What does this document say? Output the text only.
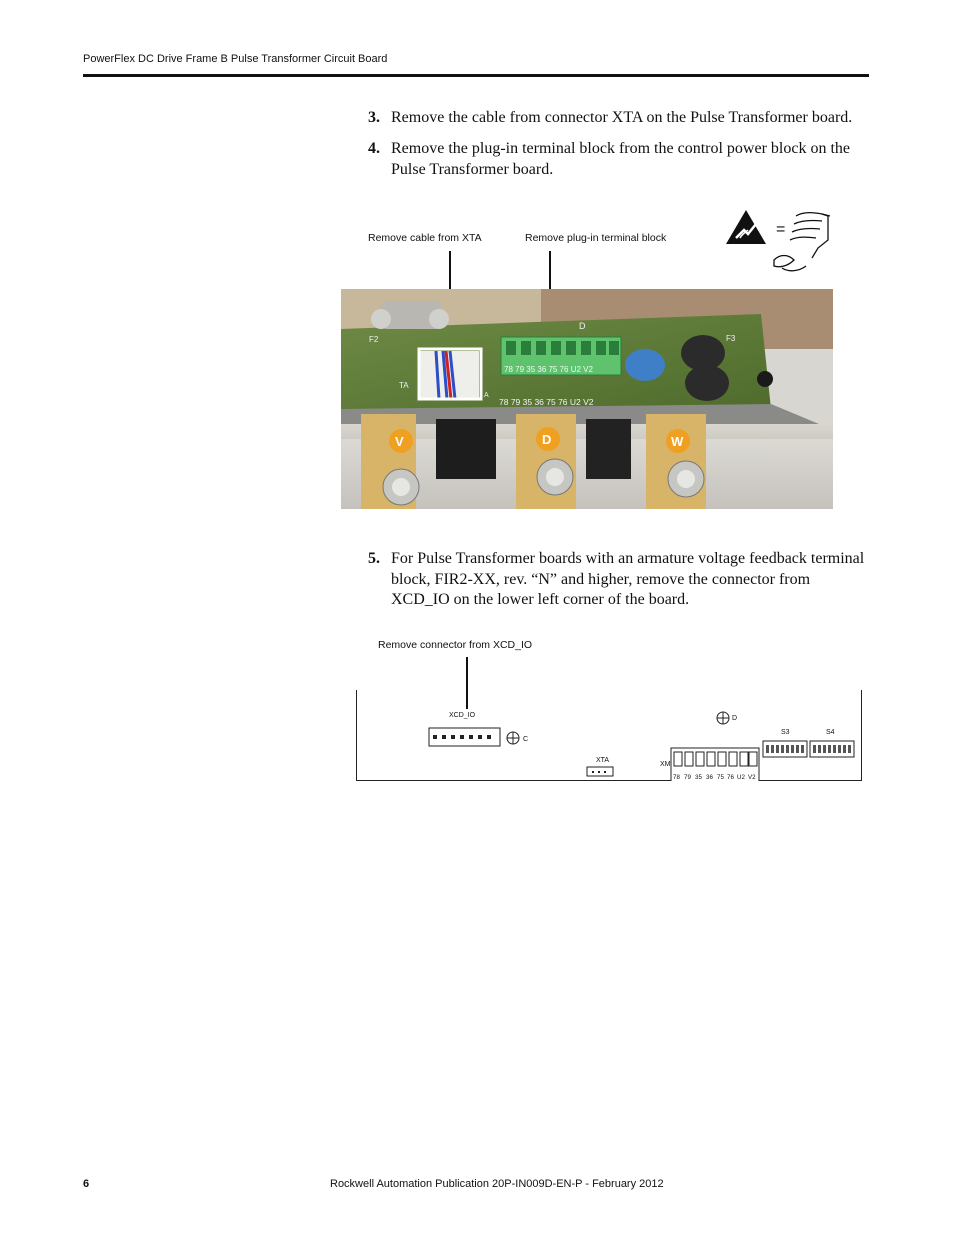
PowerFlex DC Drive Frame B Pulse Transformer Circuit Board
3. Remove the cable from connector XTA on the Pulse Transformer board.
4. Remove the plug-in terminal block from the control power block on the Pulse Transformer board.
Remove cable from XTA	Remove plug-in terminal block	=
V	D	W
78 79 35 36 75 76 U2 V2
78 79 35 36 75 76 U2 V2
F2	F3
TA
D
A
5. For Pulse Transformer boards with an armature voltage feedback terminal block, FIR2-XX, rev. “N” and higher, remove the connector from XCD_IO on the lower left corner of the board.
Remove connector from XCD_IO
XCD_IO
C
D
XTA
XM
78 79 35 36 75 76 U2 V2
S3	S4
6	Rockwell Automation Publication 20P-IN009D-EN-P - February 2012
